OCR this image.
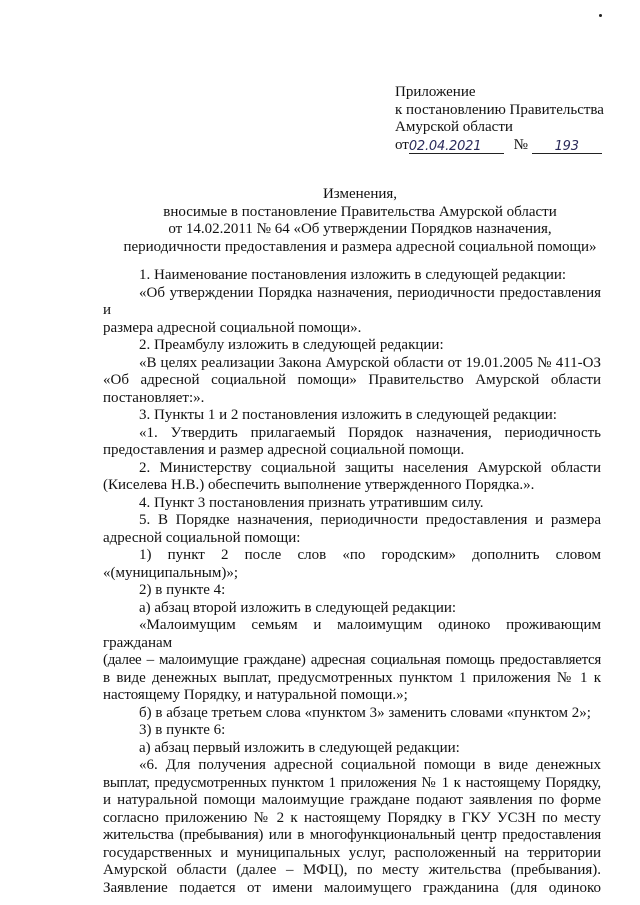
Приложение
к постановлению Правительства
Амурской области
от02.04.2021 № 193
Изменения,
вносимые в постановление Правительства Амурской области
от 14.02.2011 № 64 «Об утверждении Порядков назначения,
периодичности предоставления и размера адресной социальной помощи»
1. Наименование постановления изложить в следующей редакции:
«Об утверждении Порядка назначения, периодичности предоставления и
размера адресной социальной помощи».
2. Преамбулу изложить в следующей редакции:
«В целях реализации Закона Амурской области от 19.01.2005 № 411-ОЗ
«Об адресной социальной помощи» Правительство Амурской области
постановляет:».
3. Пункты 1 и 2 постановления изложить в следующей редакции:
«1. Утвердить прилагаемый Порядок назначения, периодичность
предоставления и размер адресной социальной помощи.
2. Министерству социальной защиты населения Амурской области
(Киселева Н.В.) обеспечить выполнение утвержденного Порядка.».
4. Пункт 3 постановления признать утратившим силу.
5. В Порядке назначения, периодичности предоставления и размера
адресной социальной помощи:
1) пункт 2 после слов «по городским» дополнить словом
«(муниципальным)»;
2) в пункте 4:
а) абзац второй изложить в следующей редакции:
«Малоимущим семьям и малоимущим одиноко проживающим гражданам
(далее – малоимущие граждане) адресная социальная помощь предоставляется
в виде денежных выплат, предусмотренных пунктом 1 приложения № 1 к
настоящему Порядку, и натуральной помощи.»;
б) в абзаце третьем слова «пунктом 3» заменить словами «пунктом 2»;
3) в пункте 6:
а) абзац первый изложить в следующей редакции:
«6. Для получения адресной социальной помощи в виде денежных
выплат, предусмотренных пунктом 1 приложения № 1 к настоящему Порядку,
и натуральной помощи малоимущие граждане подают заявления по форме
согласно приложению № 2 к настоящему Порядку в ГКУ УСЗН по месту
жительства (пребывания) или в многофункциональный центр предоставления
государственных и муниципальных услуг, расположенный на территории
Амурской области (далее – МФЦ), по месту жительства (пребывания).
Заявление подается от имени малоимущего гражданина (для одиноко
